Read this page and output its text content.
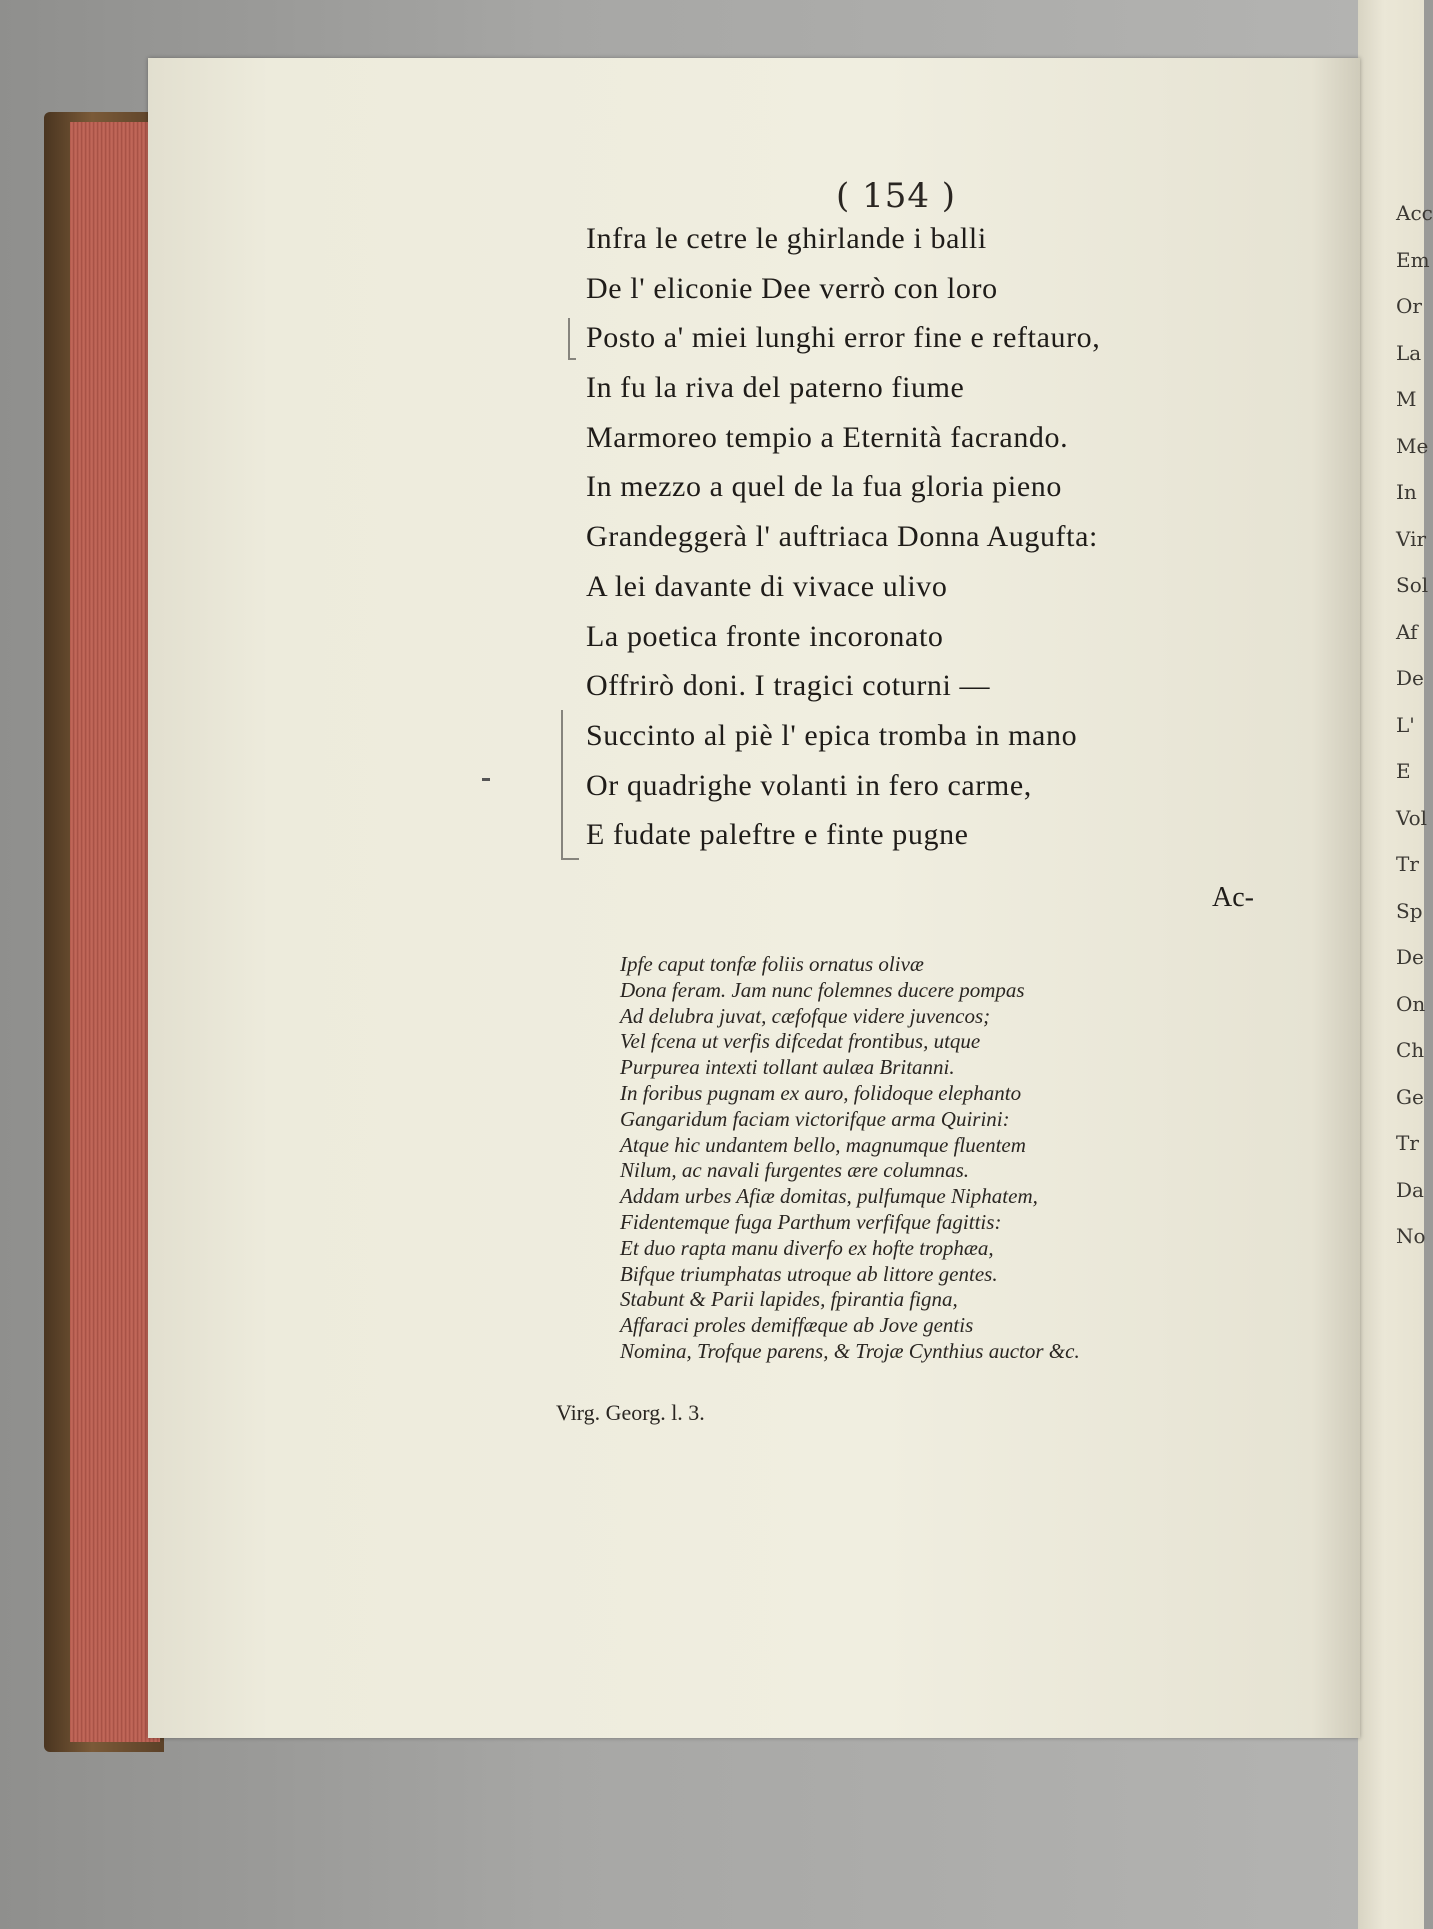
Acc
Em
Or
La
M
Me
In
Vir
Sol
Af
De
L'
E
Vol
Tr
Sp
De
On
Ch
Ge
Tr
Da
No
( 154 )
Infra le cetre le ghirlande i balli
De l' eliconie Dee verrò con loro
Posto a' miei lunghi error fine e reftauro,
In fu la riva del paterno fiume
Marmoreo tempio a Eternità facrando.
In mezzo a quel de la fua gloria pieno
Grandeggerà l' auftriaca Donna Augufta:
A lei davante di vivace ulivo
La poetica fronte incoronato
Offrirò doni. I tragici coturni —
Succinto al piè l' epica tromba in mano
Or quadrighe volanti in fero carme,
E fudate paleftre e finte pugne
Ac-
Ipfe caput tonfæ foliis ornatus olivæ
Dona feram. Jam nunc folemnes ducere pompas
Ad delubra juvat, cæfofque videre juvencos;
Vel fcena ut verfis difcedat frontibus, utque
Purpurea intexti tollant aulæa Britanni.
In foribus pugnam ex auro, folidoque elephanto
Gangaridum faciam victorifque arma Quirini:
Atque hic undantem bello, magnumque fluentem
Nilum, ac navali furgentes ære columnas.
Addam urbes Afiæ domitas, pulfumque Niphatem,
Fidentemque fuga Parthum verfifque fagittis:
Et duo rapta manu diverfo ex hofte trophæa,
Bifque triumphatas utroque ab littore gentes.
Stabunt & Parii lapides, fpirantia figna,
Affaraci proles demiffæque ab Jove gentis
Nomina, Trofque parens, & Trojæ Cynthius auctor &c.
Virg. Georg. l. 3.
